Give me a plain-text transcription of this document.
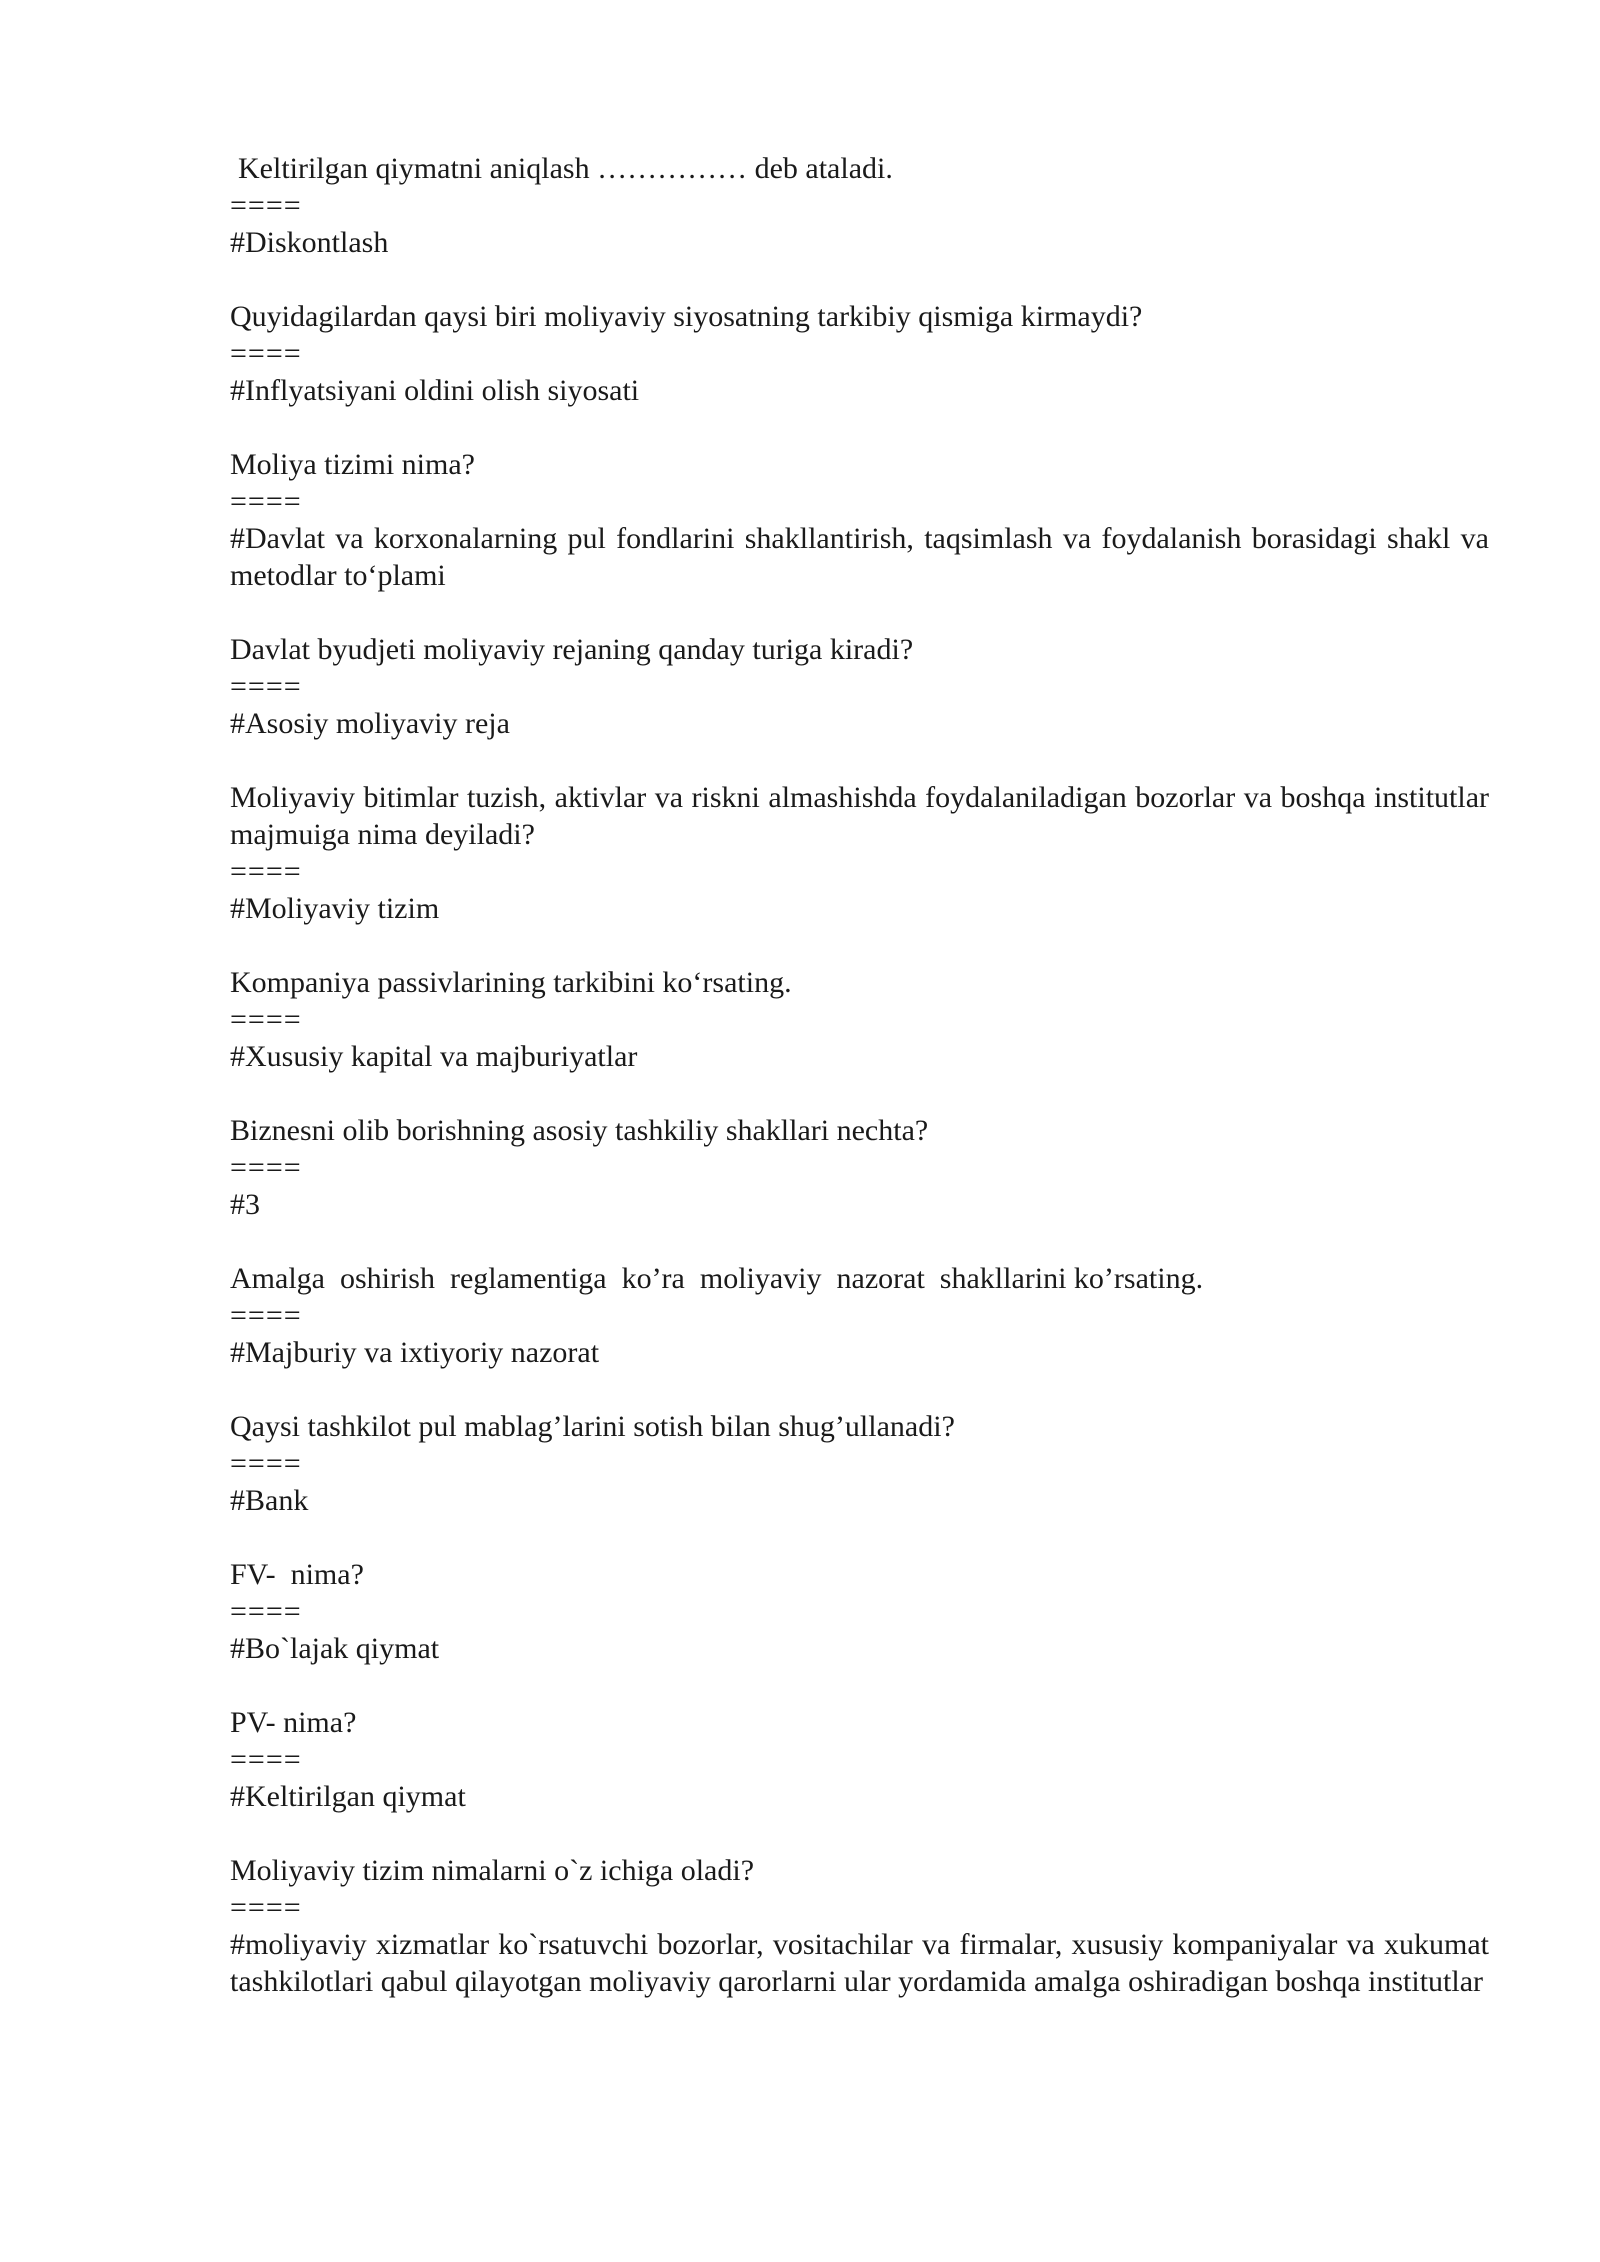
Keltirilgan qiymatni aniqlash …………… deb ataladi.

====

#Diskontlash

Quyidagilardan qaysi biri moliyaviy siyosatning tarkibiy qismiga kirmaydi?

====

#Inflyatsiyani oldini olish siyosati

Moliya tizimi nima?

====

#Davlat va korxonalarning pul fondlarini shakllantirish, taqsimlash va foydalanish borasidagi shakl va metodlar to‘plami

Davlat byudjeti moliyaviy rejaning qanday turiga kiradi?

====

#Asosiy moliyaviy reja

Moliyaviy bitimlar tuzish, aktivlar va riskni almashishda foydalaniladigan bozorlar va boshqa institutlar majmuiga nima deyiladi?

====

#Moliyaviy tizim

Kompaniya passivlarining tarkibini ko‘rsating.

====

#Xususiy kapital va majburiyatlar

Biznesni olib borishning asosiy tashkiliy shakllari nechta?

====

#3

Amalga  oshirish  reglamentiga  ko’ra  moliyaviy  nazorat  shakllarini ko’rsating.

====

#Majburiy va ixtiyoriy nazorat

Qaysi tashkilot pul mablag’larini sotish bilan shug’ullanadi?

====

#Bank

FV-  nima?

====

#Bo`lajak qiymat

PV- nima?

====

#Keltirilgan qiymat

Moliyaviy tizim nimalarni o`z ichiga oladi?

====

#moliyaviy xizmatlar ko`rsatuvchi bozorlar, vositachilar va firmalar, xususiy kompaniyalar va xukumat tashkilotlari qabul qilayotgan moliyaviy qarorlarni ular yordamida amalga oshiradigan boshqa institutlar
